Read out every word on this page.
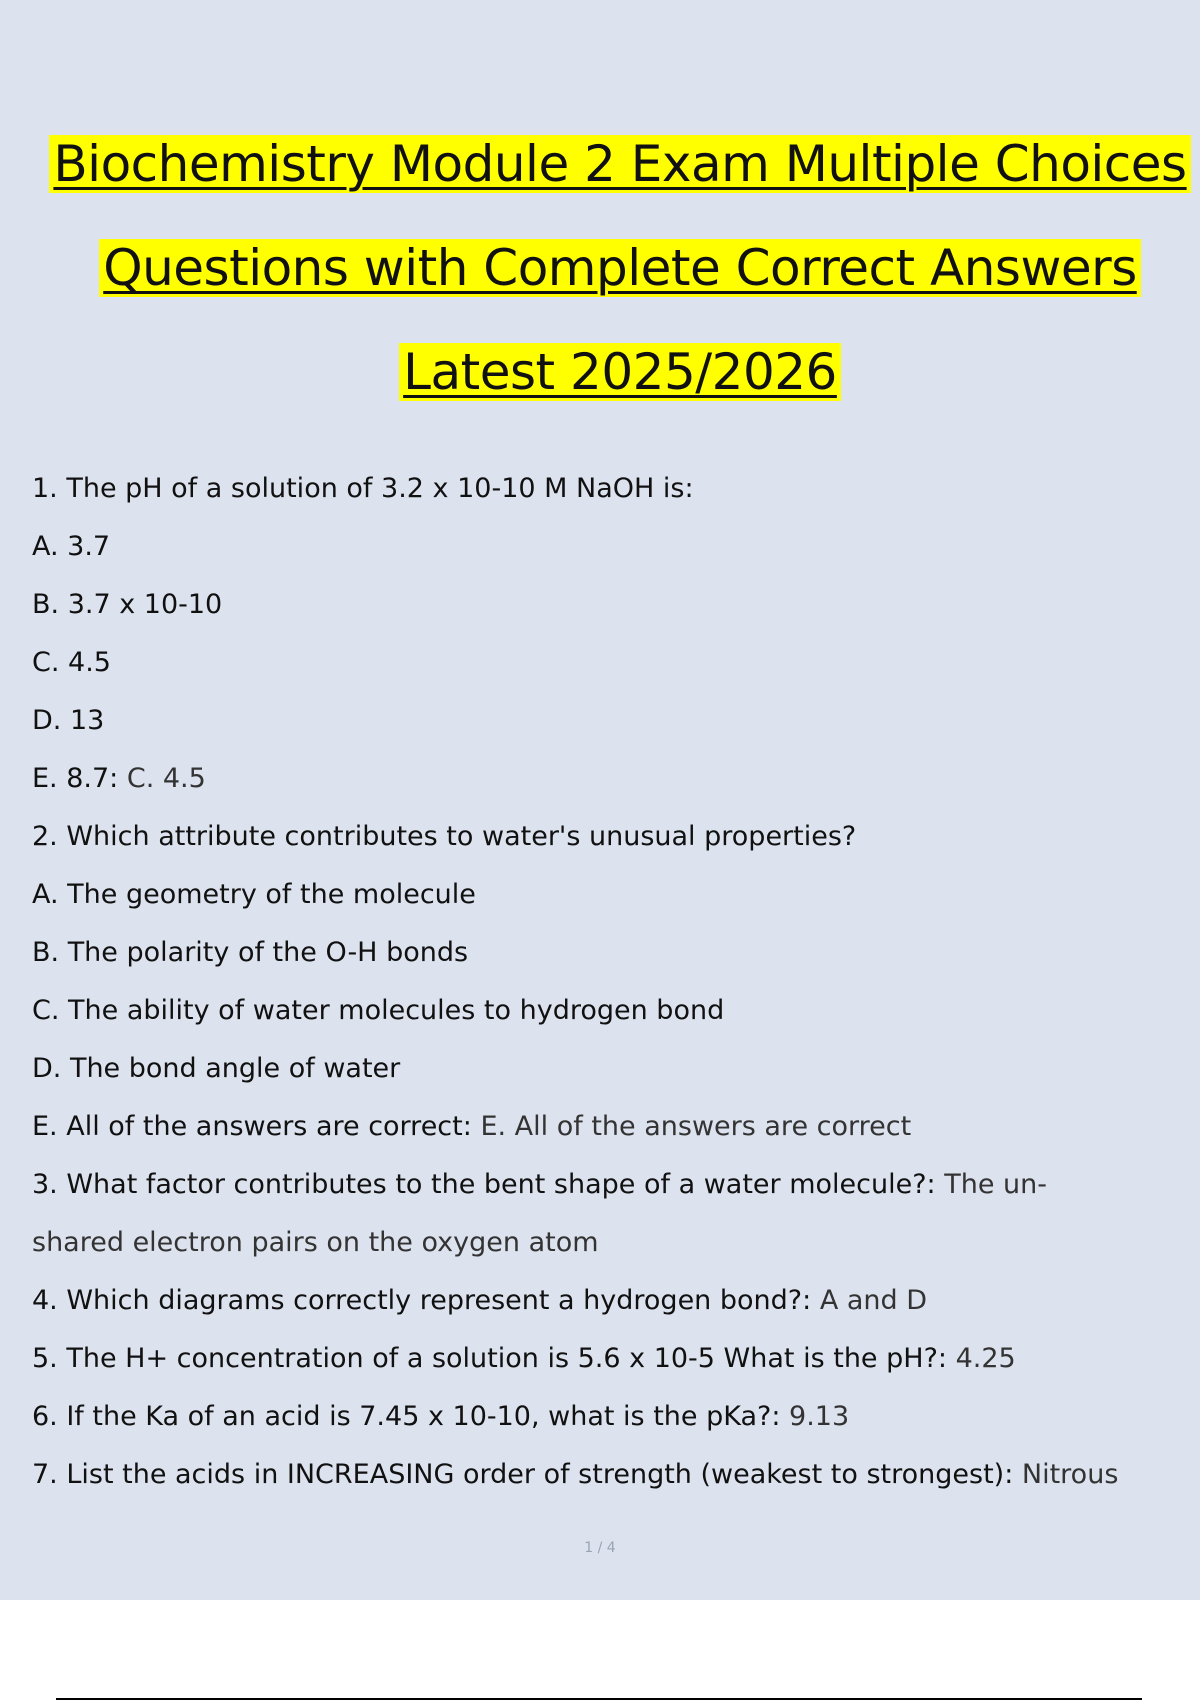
Biochemistry Module 2 Exam Multiple Choices
Questions with Complete Correct Answers
Latest 2025/2026
1. The pH of a solution of 3.2 x 10-10 M NaOH is:
A. 3.7
B. 3.7 x 10-10
C. 4.5
D. 13
E. 8.7: C. 4.5
2. Which attribute contributes to water's unusual properties?
A. The geometry of the molecule
B. The polarity of the O-H bonds
C. The ability of water molecules to hydrogen bond
D. The bond angle of water
E. All of the answers are correct: E. All of the answers are correct
3. What factor contributes to the bent shape of a water molecule?: The un-
shared electron pairs on the oxygen atom
4. Which diagrams correctly represent a hydrogen bond?: A and D
5. The H+ concentration of a solution is 5.6 x 10-5 What is the pH?: 4.25
6. If the Ka of an acid is 7.45 x 10-10, what is the pKa?: 9.13
7. List the acids in INCREASING order of strength (weakest to strongest): Nitrous
1 / 4
